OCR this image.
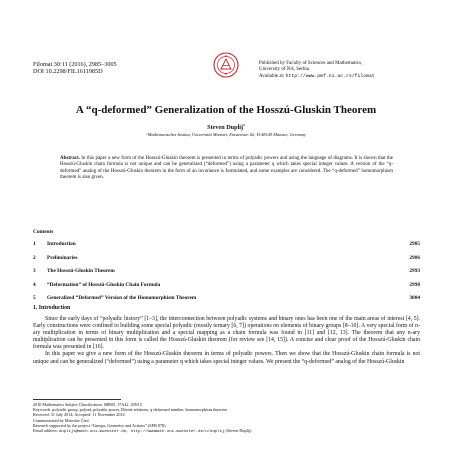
Filomat 30:11 (2016), 2985–3005
DOI 10.2298/FIL1611985D
Published by Faculty of Sciences and Mathematics,
University of Niš, Serbia
Available at: http://www.pmf.ni.ac.rs/filomat
A “q-deformed” Generalization of the Hosszú-Gluskin Theorem
Steven Duplij$^a$
ᵃMathematisches Institut, Universität Münster, Einsteinstr. 62, D-48149 Münster, Germany
Abstract. In this paper a new form of the Hosszú-Gluskin theorem is presented in terms of polyadic powers and using the language of diagrams. It is shown that the Hosszú-Gluskin chain formula is not unique and can be generalized (“deformed”) using a parameter q which takes special integer values. A version of the “q-deformed” analog of the Hosszú-Gluskin theorem in the form of an invariance is formulated, and some examples are considered. The “q-deformed” homomorphism theorem is also given.
Contents
1 Introduction	2985
2 Preliminaries	2986
3 The Hosszú-Gluskin Theorem	2993
4 “Deformation” of Hosszú-Gluskin Chain Formula	2998
5 Generalized “Deformed” Version of the Homomorphism Theorem	3004
1. Introduction

Since the early days of “polyadic history” [1–3], the interconnection between polyadic systems and binary ones has been one of the main areas of interest [4, 5]. Early constructions were confined to building some special polyadic (mostly ternary [6, 7]) operations on elements of binary groups [8–10]. A very special form of n-ary multiplication in terms of binary multiplication and a special mapping as a chain formula was found in [11] and [12, 13]. The theorem that any n-ary multiplication can be presented in this form is called the Hosszú-Gluskin theorem (for review see [14, 15]). A concise and clear proof of the Hosszú-Gluskin chain formula was presented in [16].

In this paper we give a new form of the Hosszú-Gluskin theorem in terms of polyadic powers. Then we show that the Hosszú-Gluskin chain formula is not unique and can be generalized (“deformed”) using a parameter q which takes special integer values. We present the “q-deformed” analog of the Hosszú-Gluskin

2010 Mathematics Subject Classification. 08B05, 17A42, 20N15
Keywords. polyadic group, polyad, polyadic power, Dörnte relations, q-deformed number, homomorphism theorem
Received: 31 July 2014; Accepted: 11 November 2014
Communicated by Miroslav Ćirić
Research supported by the project “Groups, Geometry and Actions” (SFB 878).
Email address: duplijs@math.uni-muenster.de, http://wwwmath.uni-muenster.de/u/duplij (Steven Duplij)
